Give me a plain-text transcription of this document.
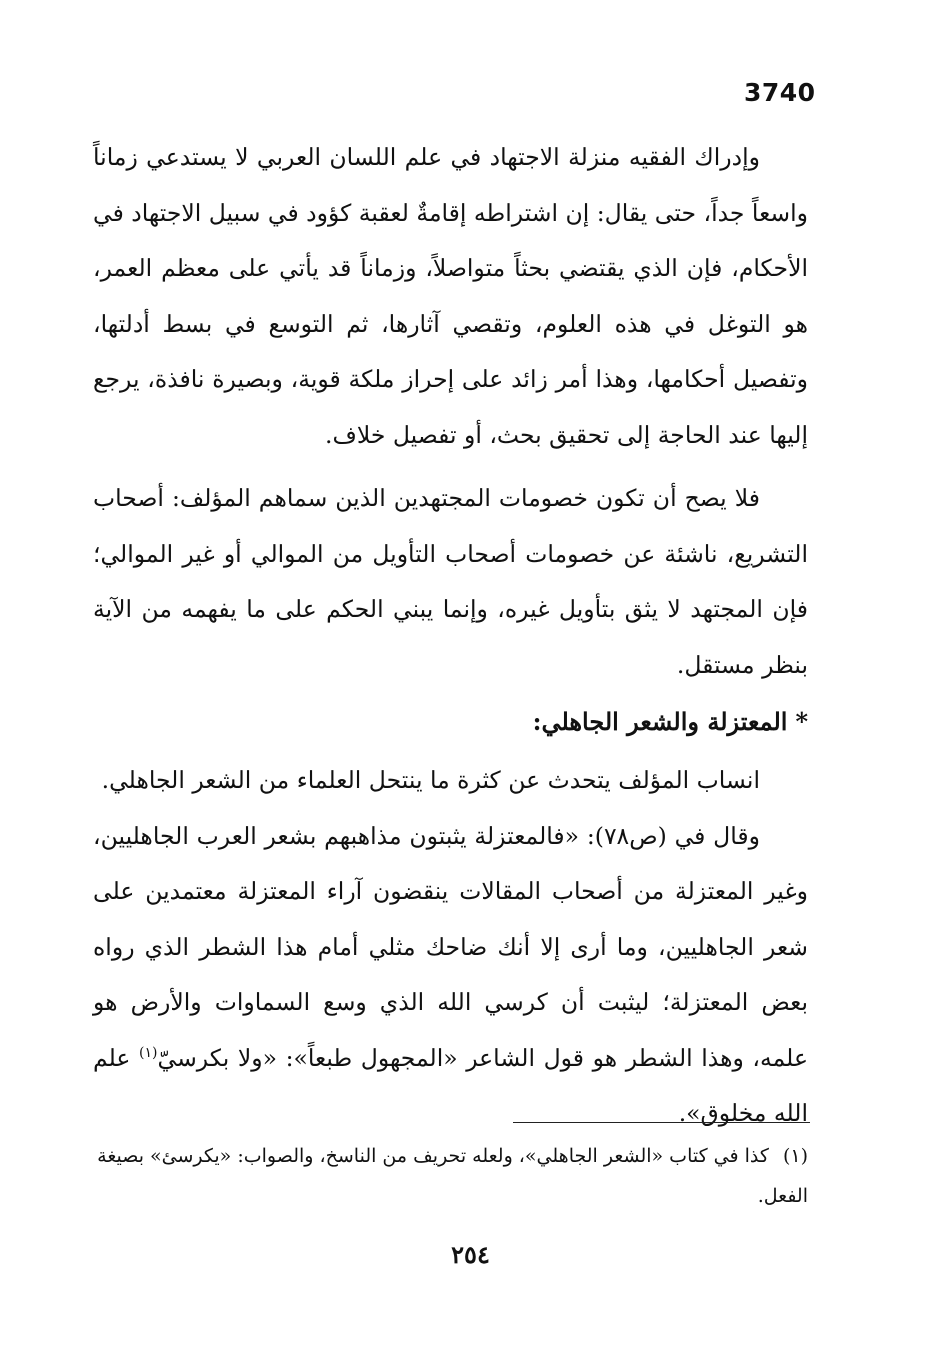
3740

وإدراك الفقيه منزلة الاجتهاد في علم اللسان العربي لا يستدعي زماناً واسعاً جداً، حتى يقال: إن اشتراطه إقامةٌ لعقبة كؤود في سبيل الاجتهاد في الأحكام، فإن الذي يقتضي بحثاً متواصلاً، وزماناً قد يأتي على معظم العمر، هو التوغل في هذه العلوم، وتقصي آثارها، ثم التوسع في بسط أدلتها، وتفصيل أحكامها، وهذا أمر زائد على إحراز ملكة قوية، وبصيرة نافذة، يرجع إليها عند الحاجة إلى تحقيق بحث، أو تفصيل خلاف.

فلا يصح أن تكون خصومات المجتهدين الذين سماهم المؤلف: أصحاب التشريع، ناشئة عن خصومات أصحاب التأويل من الموالي أو غير الموالي؛ فإن المجتهد لا يثق بتأويل غيره، وإنما يبني الحكم على ما يفهمه من الآية بنظر مستقل.

*المعتزلة والشعر الجاهلي:

انساب المؤلف يتحدث عن كثرة ما ينتحل العلماء من الشعر الجاهلي.

وقال في (ص٧٨): «فالمعتزلة يثبتون مذاهبهم بشعر العرب الجاهليين، وغير المعتزلة من أصحاب المقالات ينقضون آراء المعتزلة معتمدين على شعر الجاهليين، وما أرى إلا أنك ضاحك مثلي أمام هذا الشطر الذي رواه بعض المعتزلة؛ ليثبت أن كرسي الله الذي وسع السماوات والأرض هو علمه، وهذا الشطر هو قول الشاعر «المجهول طبعاً»: «ولا بكرسيّ$^{(١)}$ علم الله مخلوق».

(١)كذا في كتاب «الشعر الجاهلي»، ولعله تحريف من الناسخ، والصواب: «يكرسئ» بصيغة الفعل.
٢٥٤
